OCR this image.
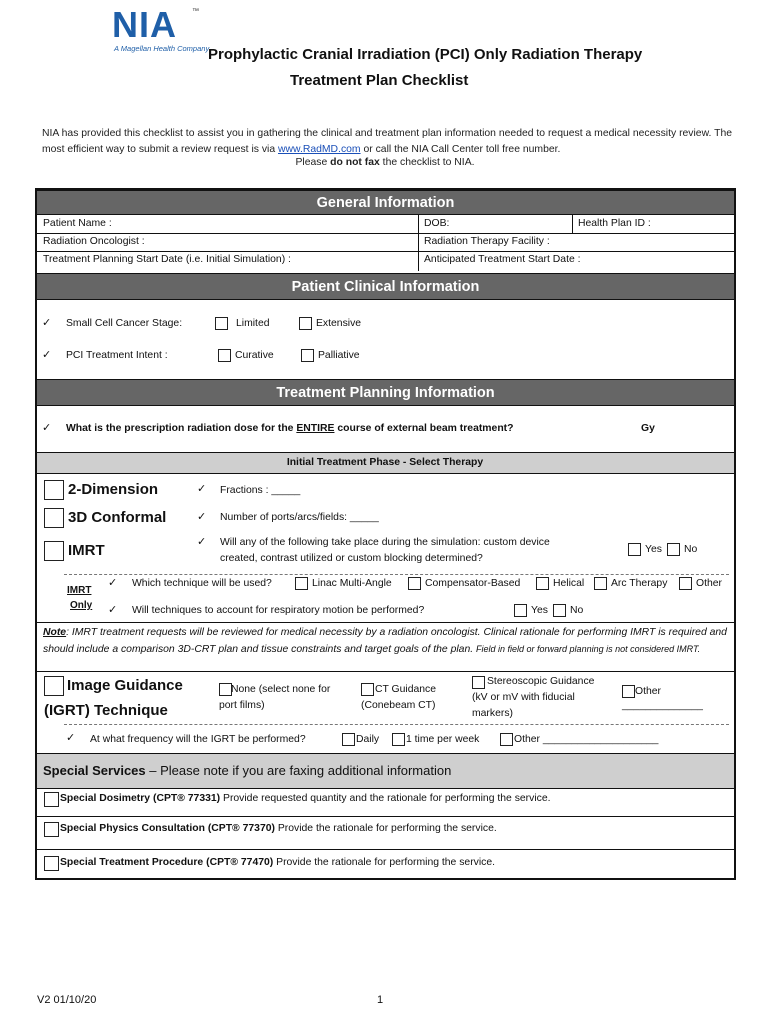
NIA ™
A Magellan Health Company
Prophylactic Cranial Irradiation (PCI) Only Radiation Therapy
Treatment Plan Checklist
NIA has provided this checklist to assist you in gathering the clinical and treatment plan information needed to request a medical necessity review. The most efficient way to submit a review request is via www.RadMD.com or call the NIA Call Center toll free number.
Please do not fax the checklist to NIA.
General Information
Patient Name :	DOB:	Health Plan ID :
Radiation Oncologist :	Radiation Therapy Facility :
Treatment Planning Start Date (i.e. Initial Simulation) :	Anticipated Treatment Start Date :
Patient Clinical Information
✓ Small Cell Cancer Stage:	Limited	Extensive
✓ PCI Treatment Intent :	Curative	Palliative
Treatment Planning Information
✓ What is the prescription radiation dose for the ENTIRE course of external beam treatment?	Gy
Initial Treatment Phase - Select Therapy
2-Dimension	✓ Fractions : _____
3D Conformal	✓ Number of ports/arcs/fields: _____
IMRT	✓ Will any of the following take place during the simulation: custom device
created, contrast utilized or custom blocking determined?
Yes No
IMRT
Only
✓ Which technique will be used?	Linac Multi-Angle	Compensator-Based	Helical	Arc Therapy	Other
✓ Will techniques to account for respiratory motion be performed?	Yes No
Note: IMRT treatment requests will be reviewed for medical necessity by a radiation oncologist. Clinical rationale for performing IMRT is required and should include a comparison 3D-CRT plan and tissue constraints and target goals of the plan. Field in field or forward planning is not considered IMRT.
Image Guidance
(IGRT) Technique
None (select none for
port films)
CT Guidance
(Conebeam CT)
Stereoscopic Guidance
(kV or mV with fiducial
markers)
Other
______________
✓ At what frequency will the IGRT be performed?	Daily	1 time per week	Other ____________________
Special Services – Please note if you are faxing additional information
Special Dosimetry (CPT® 77331) Provide requested quantity and the rationale for performing the service.
Special Physics Consultation (CPT® 77370) Provide the rationale for performing the service.
Special Treatment Procedure (CPT® 77470) Provide the rationale for performing the service.
V2 01/10/20	1
